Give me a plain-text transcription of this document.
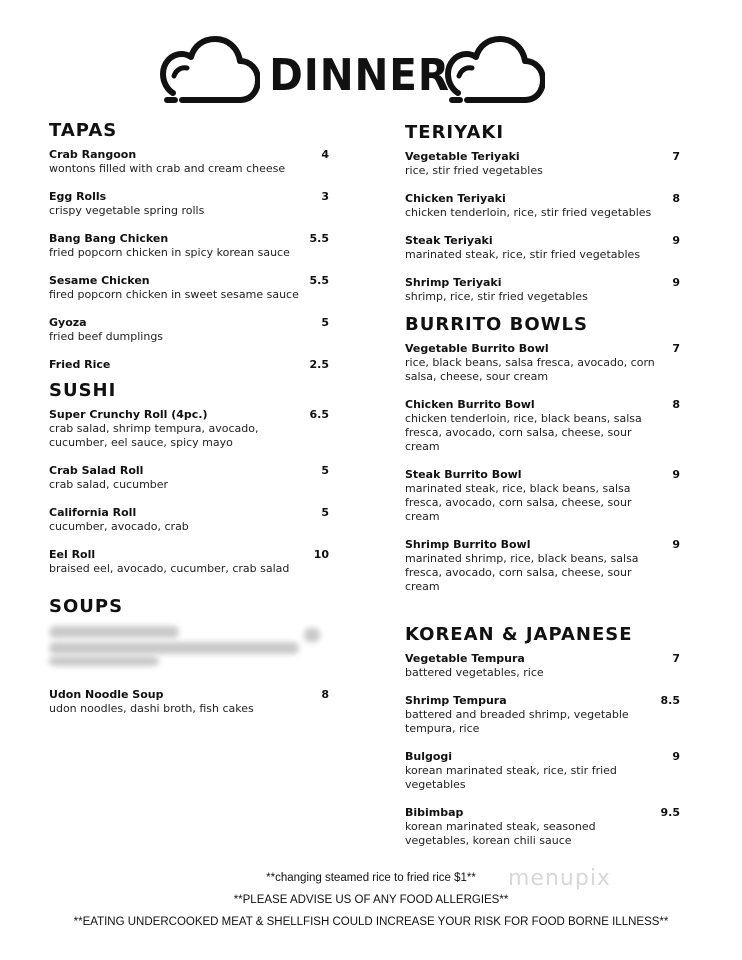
DINNER
TAPAS
Crab Rangoon
wontons filled with crab and cream cheese
4
Egg Rolls
crispy vegetable spring rolls
3
Bang Bang Chicken
fried popcorn chicken in spicy korean sauce
5.5
Sesame Chicken
fired popcorn chicken in sweet sesame sauce
5.5
Gyoza
fried beef dumplings
5
Fried Rice	2.5
SUSHI
Super Crunchy Roll (4pc.)
crab salad, shrimp tempura, avocado, cucumber, eel sauce, spicy mayo
6.5
Crab Salad Roll
crab salad, cucumber
5
California Roll
cucumber, avocado, crab
5
Eel Roll
braised eel, avocado, cucumber, crab salad
10
SOUPS
Udon Noodle Soup
udon noodles, dashi broth, fish cakes
8
TERIYAKI
Vegetable Teriyaki
rice, stir fried vegetables
7
Chicken Teriyaki
chicken tenderloin, rice, stir fried vegetables
8
Steak Teriyaki
marinated steak, rice, stir fried vegetables
9
Shrimp Teriyaki
shrimp, rice, stir fried vegetables
9
BURRITO BOWLS
Vegetable Burrito Bowl
rice, black beans, salsa fresca, avocado, corn salsa, cheese, sour cream
7
Chicken Burrito Bowl
chicken tenderloin, rice, black beans, salsa fresca, avocado, corn salsa, cheese, sour cream
8
Steak Burrito Bowl
marinated steak, rice, black beans, salsa fresca, avocado, corn salsa, cheese, sour cream
9
Shrimp Burrito Bowl
marinated shrimp, rice, black beans, salsa fresca, avocado, corn salsa, cheese, sour cream
9
KOREAN & JAPANESE
Vegetable Tempura
battered vegetables, rice
7
Shrimp Tempura
battered and breaded shrimp, vegetable tempura, rice
8.5
Bulgogi
korean marinated steak, rice, stir fried vegetables
9
Bibimbap
korean marinated steak, seasoned vegetables, korean chili sauce
9.5
menupix
**changing steamed rice to fried rice $1**
**PLEASE ADVISE US OF ANY FOOD ALLERGIES**
**EATING UNDERCOOKED MEAT & SHELLFISH COULD INCREASE YOUR RISK FOR FOOD BORNE ILLNESS**
